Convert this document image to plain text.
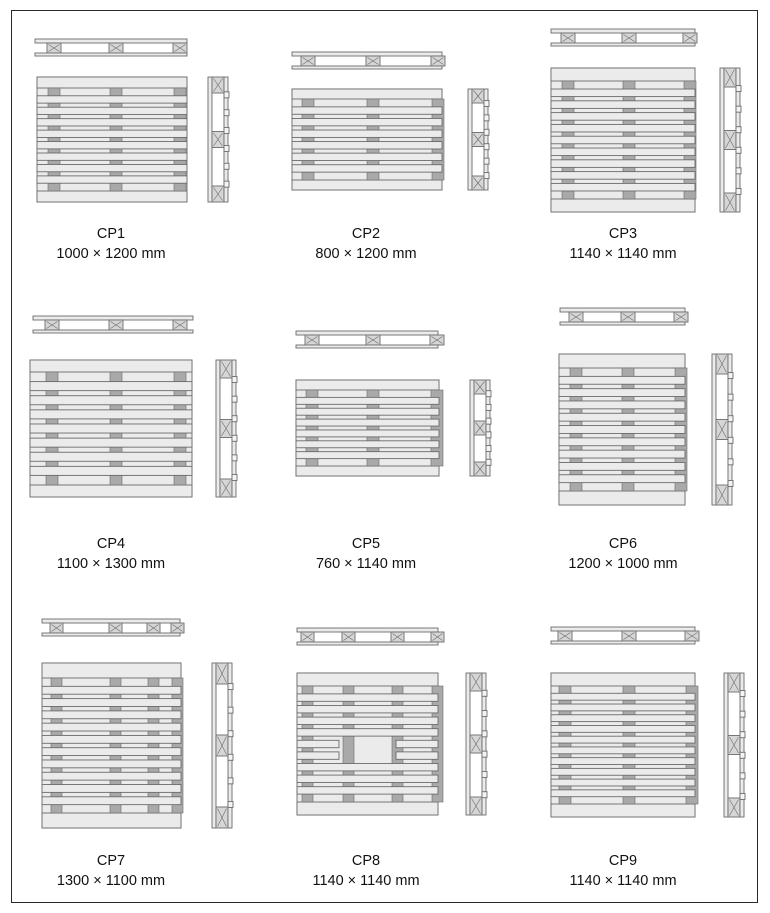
CP1
1000 × 1200 mm
CP2
800 × 1200 mm
CP3
1140 × 1140 mm
CP4
1100 × 1300 mm
CP5
760 × 1140 mm
CP6
1200 × 1000 mm
CP7
1300 × 1100 mm
CP8
1140 × 1140 mm
CP9
1140 × 1140 mm
